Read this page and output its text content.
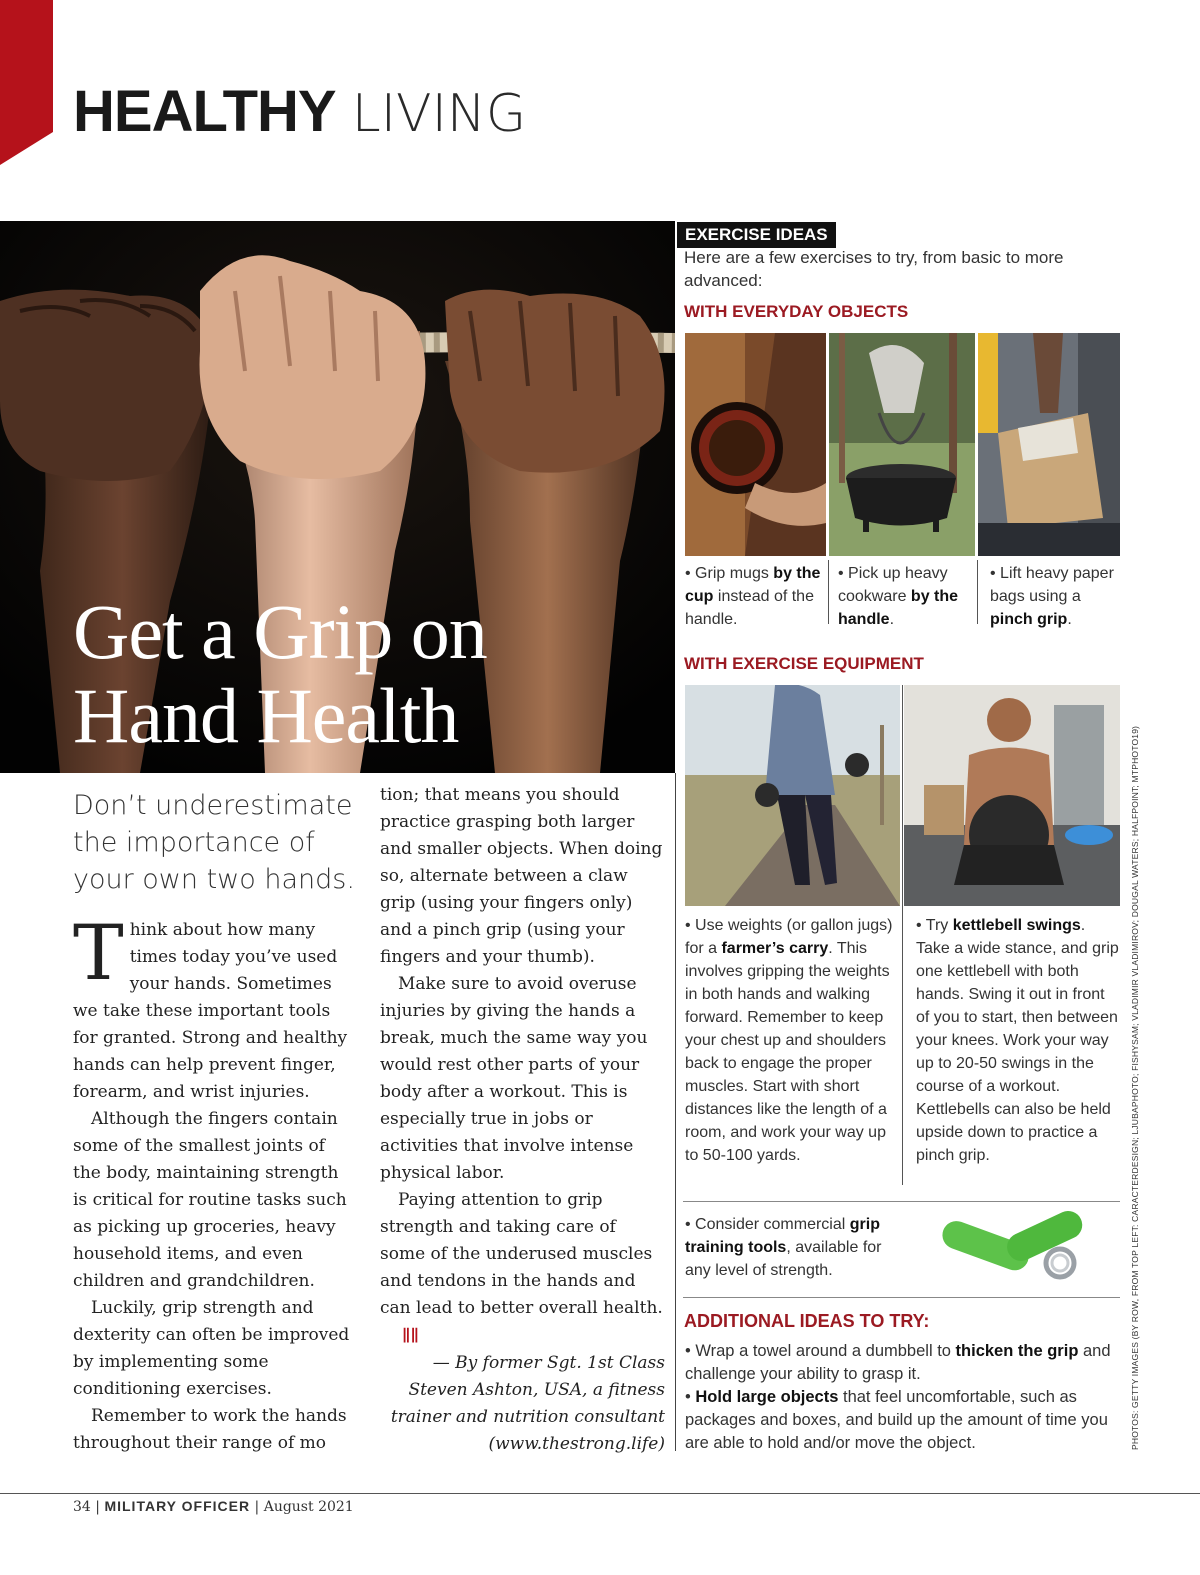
HEALTHY LIVING
Get a Grip on
Hand Health
Don’t underestimate the importance of your own two hands.

Think about how many times today you’ve used your hands. Sometimes we take these important tools for granted. Strong and healthy hands can help prevent finger, forearm, and wrist injuries.

Although the fingers contain some of the smallest joints of the body, maintaining strength is critical for routine tasks such as picking up groceries, heavy household items, and even children and grandchildren.

Luckily, grip strength and dexterity can often be improved by implementing some conditioning exercises.

Remember to work the hands throughout their range of mo

tion; that means you should practice grasping both larger and smaller objects. When doing so, alternate between a claw grip (using your fingers only) and a pinch grip (using your fingers and your thumb).

Make sure to avoid overuse injuries by giving the hands a break, much the same way you would rest other parts of your body after a workout. This is especially true in jobs or activities that involve intense physical labor.

Paying attention to grip strength and taking care of some of the underused muscles and tendons in the hands and can lead to better overall health.∥∥

— By former Sgt. 1st Class Steven Ashton, USA, a fitness trainer and nutrition consultant (www.thestrong.life)

EXERCISE IDEAS
Here are a few exercises to try, from basic to more advanced:
WITH EVERYDAY OBJECTS
• Grip mugs by the cup instead of the handle.
• Pick up heavy cookware by the handle.
• Lift heavy paper bags using a pinch grip.
WITH EXERCISE EQUIPMENT
• Use weights (or gallon jugs) for a farmer’s carry. This involves gripping the weights in both hands and walking forward. Remember to keep your chest up and shoulders back to engage the proper muscles. Start with short distances like the length of a room, and work your way up to 50-100 yards.
• Try kettlebell swings. Take a wide stance, and grip one kettlebell with both hands. Swing it out in front of you to start, then between your knees. Work your way up to 20-50 swings in the course of a workout. Kettlebells can also be held upside down to practice a pinch grip.
• Consider commercial grip training tools, available for any level of strength.
ADDITIONAL IDEAS TO TRY:
• Wrap a towel around a dumbbell to thicken the grip and challenge your ability to grasp it.
• Hold large objects that feel uncomfortable, such as packages and boxes, and build up the amount of time you are able to hold and/or move the object.	PHOTOS: GETTY IMAGES (BY ROW, FROM TOP LEFT: CARACTERDESIGN; LJUBAPHOTO; FISHYSAM; VLADIMIR VLADIMIROV; DOUGAL WATERS; HALFPOINT; MTPHOTO19)
34 | MILITARY OFFICER | August 2021
